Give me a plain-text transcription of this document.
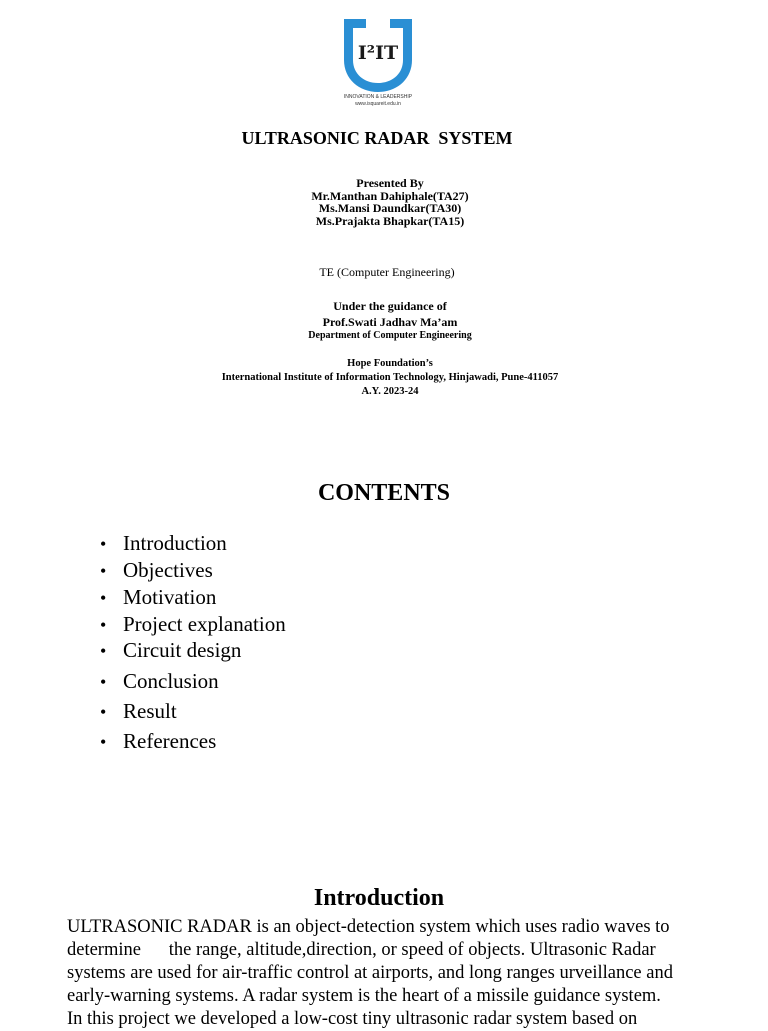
I²IT
INNOVATION & LEADERSHIP
www.isquareit.edu.in
ULTRASONIC RADAR  SYSTEM
Presented By
Mr.Manthan Dahiphale(TA27)
Ms.Mansi Daundkar(TA30)
Ms.Prajakta Bhapkar(TA15)
TE (Computer Engineering)
Under the guidance of
Prof.Swati Jadhav Ma’am
Department of Computer Engineering
Hope Foundation’s
International Institute of Information Technology, Hinjawadi, Pune-411057
A.Y. 2023-24
CONTENTS
• Introduction
• Objectives
• Motivation
• Project explanation
• Circuit design
• Conclusion
• Result
• References
Introduction

ULTRASONIC RADAR is an object-detection system which uses radio waves to

determine      the range, altitude,direction, or speed of objects. Ultrasonic Radar

systems are used for air-traffic control at airports, and long ranges urveillance and

early-warning systems. A radar system is the heart of a missile guidance system.

In this project we developed a low-cost tiny ultrasonic radar system based on
